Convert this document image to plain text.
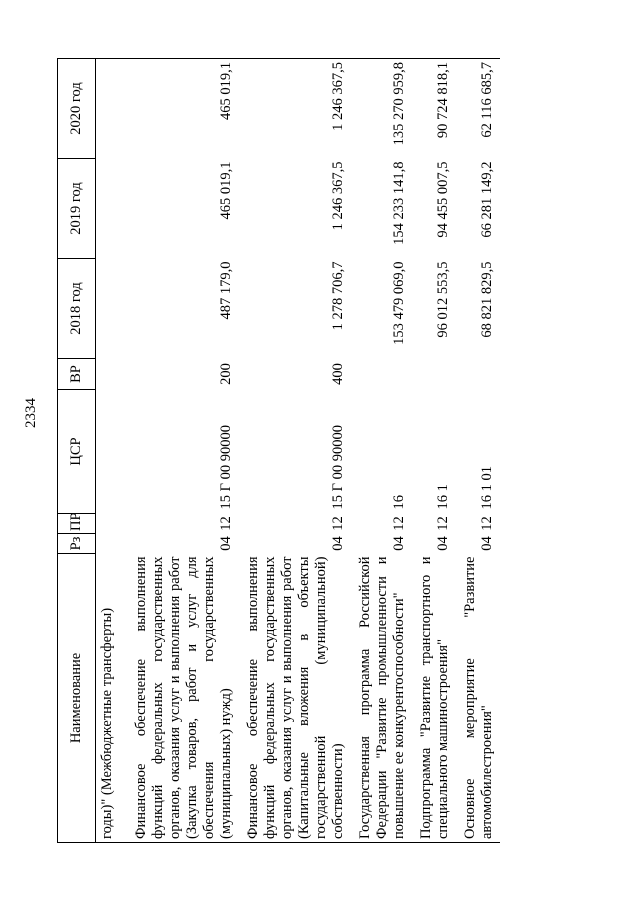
2334
Наименование	Рз	ПР	ЦСР	ВР	2018 год	2019 год	2020 год
годы)" (Межбюджетные трансферты)							
Финансовое обеспечение выполнения функций федеральных государственных органов, оказания услуг и выполнения работ (Закупка товаров, работ и услуг для обеспечения государственных (муниципальных) нужд)	04	12	15 Г 00 90000	200	487 179,0	465 019,1	465 019,1
Финансовое обеспечение выполнения функций федеральных государственных органов, оказания услуг и выполнения работ (Капитальные вложения в объекты государственной (муниципальной) собственности)	04	12	15 Г 00 90000	400	1 278 706,7	1 246 367,5	1 246 367,5
Государственная программа Российской Федерации "Развитие промышленности и повышение ее конкурентоспособности"	04	12	16		153 479 069,0	154 233 141,8	135 270 959,8
Подпрограмма "Развитие транспортного и специального машиностроения"	04	12	16 1		96 012 553,5	94 455 007,5	90 724 818,1
Основное мероприятие "Развитие автомобилестроения"	04	12	16 1 01		68 821 829,5	66 281 149,2	62 116 685,7
